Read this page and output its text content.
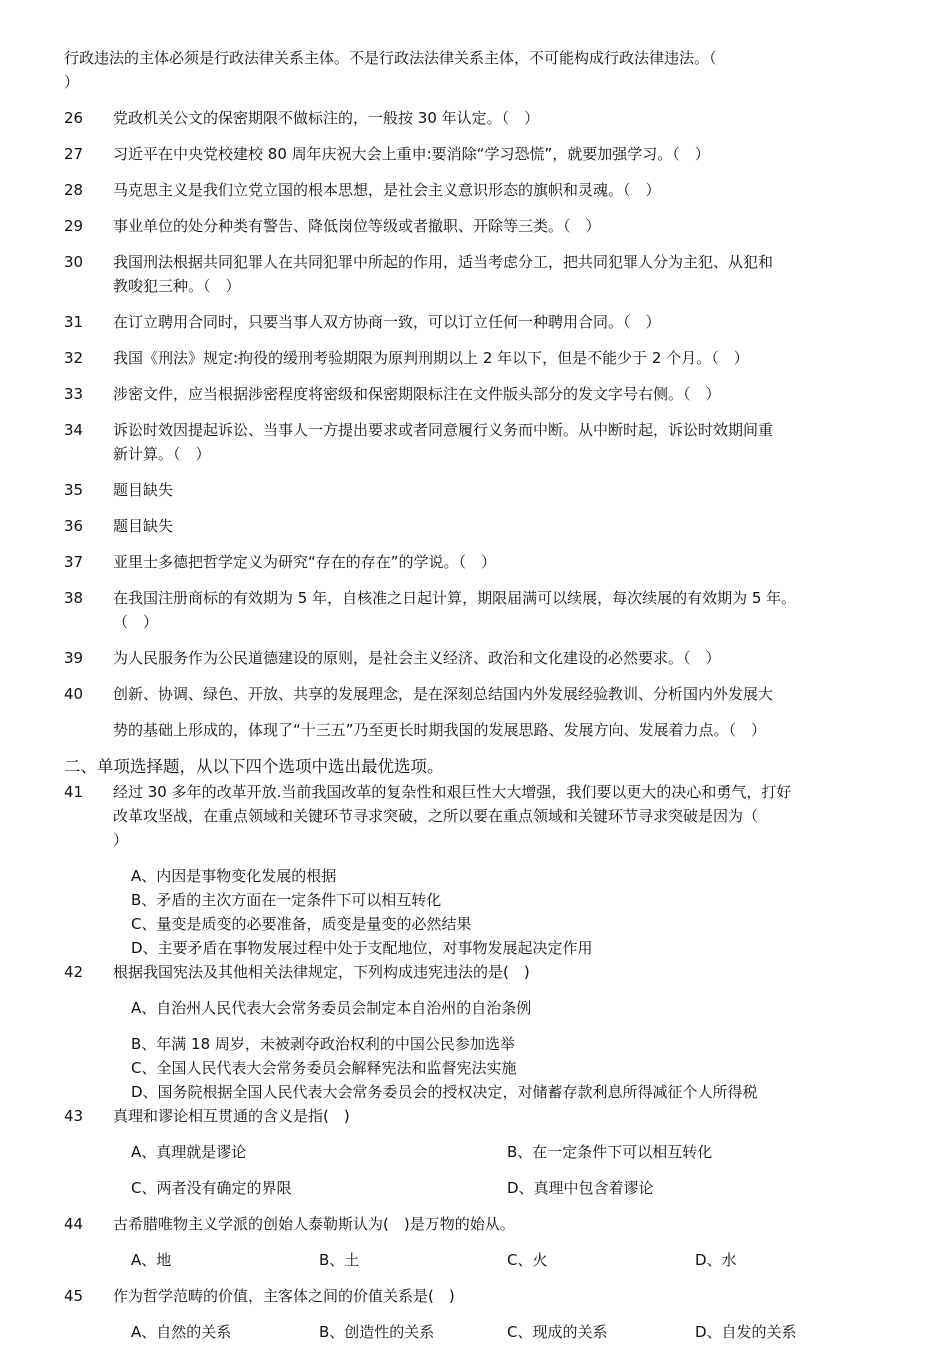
行政违法的主体必须是行政法律关系主体。不是行政法法律关系主体，不可能构成行政法律违法。（
）
26 党政机关公文的保密期限不做标注的，一般按 30 年认定。（　）
27 习近平在中央党校建校 80 周年庆祝大会上重申:要消除“学习恐慌”，就要加强学习。（　）
28 马克思主义是我们立党立国的根本思想，是社会主义意识形态的旗帜和灵魂。（　）
29 事业单位的处分种类有警告、降低岗位等级或者撤职、开除等三类。（　）
30 我国刑法根据共同犯罪人在共同犯罪中所起的作用，适当考虑分工，把共同犯罪人分为主犯、从犯和
教唆犯三种。（　）
31 在订立聘用合同时，只要当事人双方协商一致，可以订立任何一种聘用合同。（　）
32 我国《刑法》规定:拘役的缓刑考验期限为原判刑期以上 2 年以下，但是不能少于 2 个月。（　）
33 涉密文件，应当根据涉密程度将密级和保密期限标注在文件版头部分的发文字号右侧。（　）
34 诉讼时效因提起诉讼、当事人一方提出要求或者同意履行义务而中断。从中断时起，诉讼时效期间重
新计算。（　）
35 题目缺失
36 题目缺失
37 亚里士多德把哲学定义为研究“存在的存在”的学说。（　）
38 在我国注册商标的有效期为 5 年，自核准之日起计算，期限届满可以续展，每次续展的有效期为 5 年。
（　）
39 为人民服务作为公民道德建设的原则，是社会主义经济、政治和文化建设的必然要求。（　）
40 创新、协调、绿色、开放、共享的发展理念，是在深刻总结国内外发展经验教训、分析国内外发展大
势的基础上形成的，体现了“十三五”乃至更长时期我国的发展思路、发展方向、发展着力点。（　）
二、单项选择题，从以下四个选项中选出最优选项。
41 经过 30 多年的改革开放.当前我国改革的复杂性和艰巨性大大增强，我们要以更大的决心和勇气，打好
改革攻坚战，在重点领域和关键环节寻求突破，之所以要在重点领域和关键环节寻求突破是因为（
）
A、内因是事物变化发展的根据
B、矛盾的主次方面在一定条件下可以相互转化
C、量变是质变的必要准备，质变是量变的必然结果
D、主要矛盾在事物发展过程中处于支配地位，对事物发展起决定作用
42 根据我国宪法及其他相关法律规定，下列构成违宪违法的是(　)
A、自治州人民代表大会常务委员会制定本自治州的自治条例
B、年满 18 周岁，未被剥夺政治权利的中国公民参加选举
C、全国人民代表大会常务委员会解释宪法和监督宪法实施
D、国务院根据全国人民代表大会常务委员会的授权决定，对储蓄存款利息所得减征个人所得税
43 真理和谬论相互贯通的含义是指(　)
A、真理就是谬论	B、在一定条件下可以相互转化
C、两者没有确定的界限	D、真理中包含着谬论
44 古希腊唯物主义学派的创始人泰勒斯认为(　)是万物的始从。
A、地	B、土	C、火	D、水
45 作为哲学范畴的价值，主客体之间的价值关系是(　)
A、自然的关系	B、创造性的关系	C、现成的关系	D、自发的关系
